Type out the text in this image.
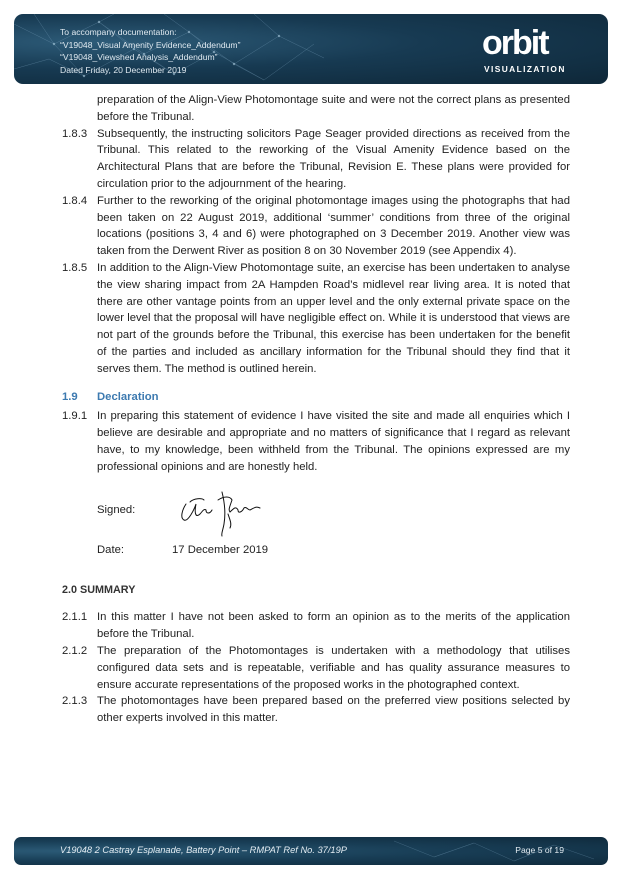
To accompany documentation:
“V19048_Visual Amenity Evidence_Addendum”
“V19048_Viewshed Analysis_Addendum”
Dated Friday, 20 December 2019
orbit
VISUALIZATION
preparation of the Align-View Photomontage suite and were not the correct plans as presented before the Tribunal.
1.8.3 Subsequently, the instructing solicitors Page Seager provided directions as received from the Tribunal. This related to the reworking of the Visual Amenity Evidence based on the Architectural Plans that are before the Tribunal, Revision E. These plans were provided for circulation prior to the adjournment of the hearing.
1.8.4 Further to the reworking of the original photomontage images using the photographs that had been taken on 22 August 2019, additional ‘summer’ conditions from three of the original locations (positions 3, 4 and 6) were photographed on 3 December 2019. Another view was taken from the Derwent River as position 8 on 30 November 2019 (see Appendix 4).
1.8.5 In addition to the Align-View Photomontage suite, an exercise has been undertaken to analyse the view sharing impact from 2A Hampden Road’s midlevel rear living area. It is noted that there are other vantage points from an upper level and the only external private space on the lower level that the proposal will have negligible effect on. While it is understood that views are not part of the grounds before the Tribunal, this exercise has been undertaken for the benefit of the parties and included as ancillary information for the Tribunal should they find that it serves them. The method is outlined herein.
1.9 Declaration
1.9.1 In preparing this statement of evidence I have visited the site and made all enquiries which I believe are desirable and appropriate and no matters of significance that I regard as relevant have, to my knowledge, been withheld from the Tribunal. The opinions expressed are my professional opinions and are honestly held.
Signed:
Date:	17 December 2019
2.0 SUMMARY
2.1.1 In this matter I have not been asked to form an opinion as to the merits of the application before the Tribunal.
2.1.2 The preparation of the Photomontages is undertaken with a methodology that utilises configured data sets and is repeatable, verifiable and has quality assurance measures to ensure accurate representations of the proposed works in the photographed context.
2.1.3 The photomontages have been prepared based on the preferred view positions selected by other experts involved in this matter.
V19048 2 Castray Esplanade, Battery Point – RMPAT Ref No. 37/19P	Page 5 of 19
